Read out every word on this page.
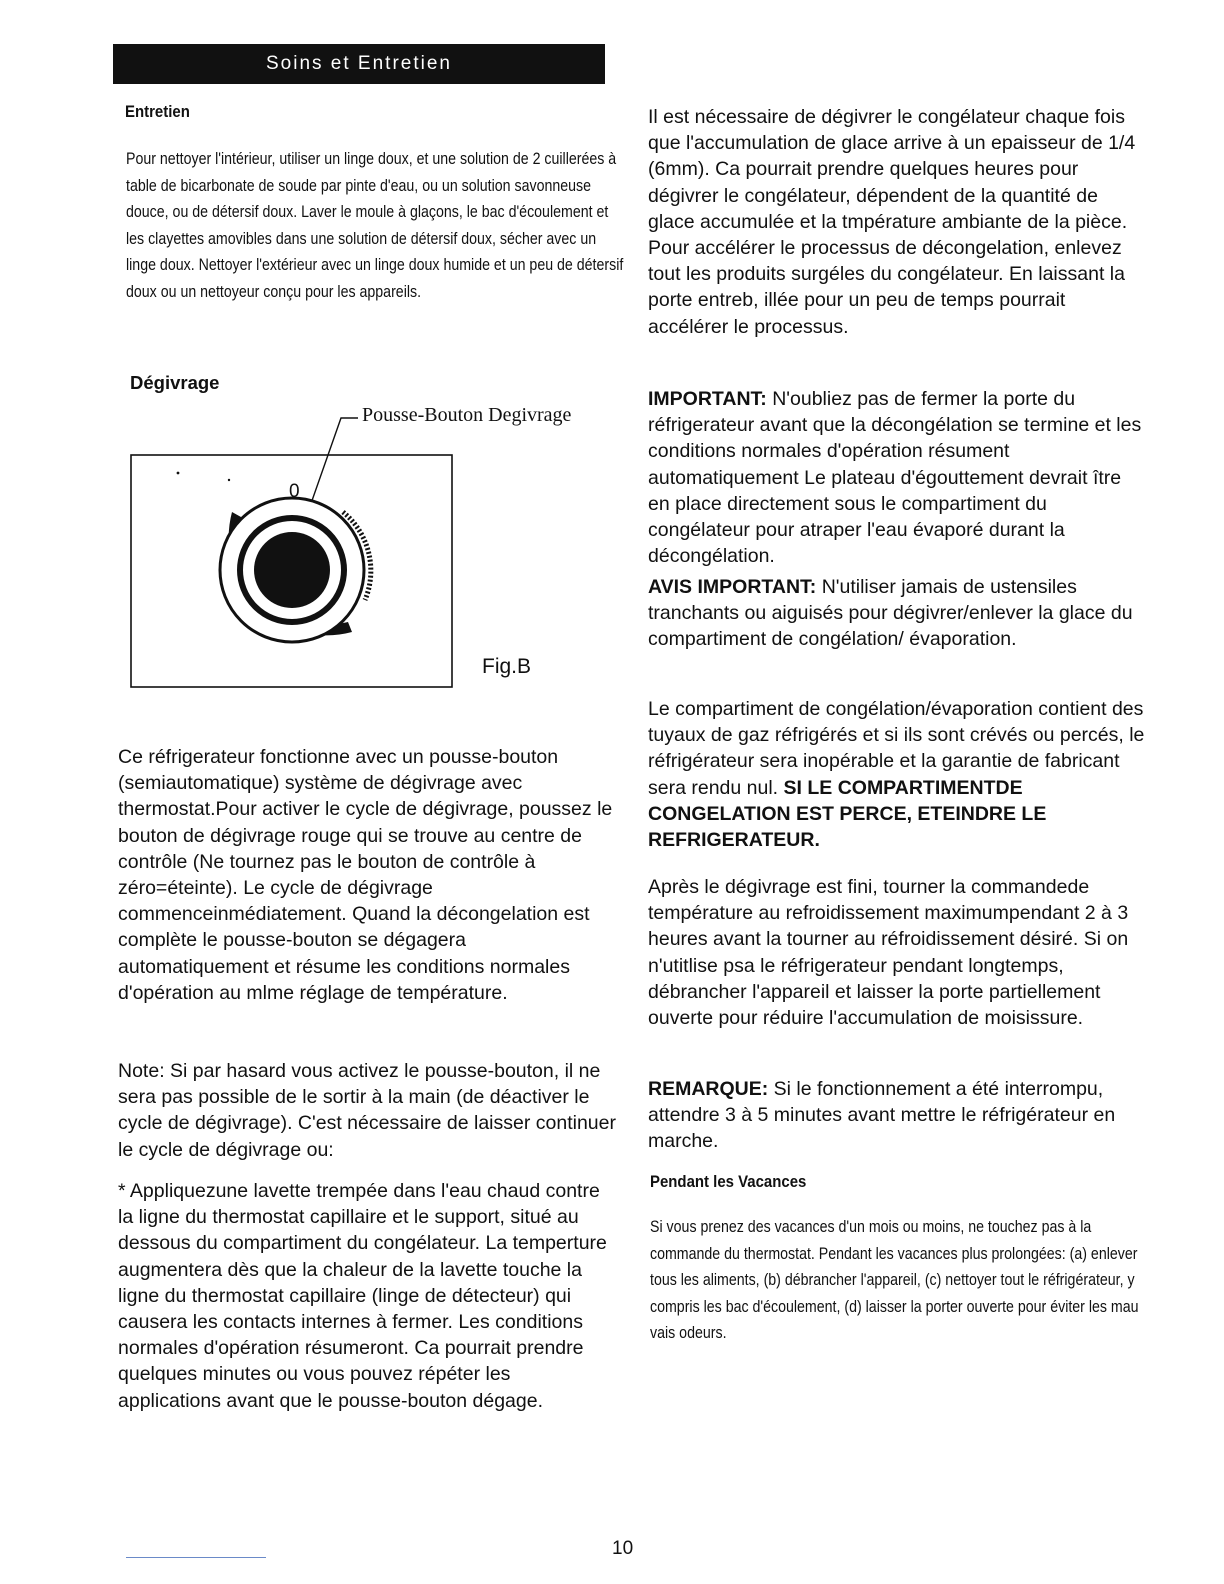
Soins et Entretien
Entretien

Pour nettoyer l'intérieur, utiliser un linge doux, et une solution de 2 cuillerées à table de bicarbonate de soude par pinte d'eau, ou un solution savonneuse douce, ou de détersif doux. Laver le moule à glaçons, le bac d'écoulement et les clayettes amovibles dans une solution de détersif doux, sécher avec un linge doux. Nettoyer l'extérieur avec un linge doux humide et un peu de détersif doux ou un nettoyeur conçu pour les appareils.

Dégivrage
Pousse-Bouton Degivrage
0
Fig.B

Ce réfrigerateur fonctionne avec un pousse-bouton (semiautomatique) système de dégivrage avec thermostat.Pour activer le cycle de dégivrage, poussez le bouton de dégivrage rouge qui se trouve au centre de contrôle (Ne tournez pas le bouton de contrôle à zéro=éteinte). Le cycle de dégivrage commenceinmédiatement. Quand la décongelation est complète le pousse-bouton se dégagera automatiquement et résume les conditions normales d'opération au mlme réglage de température.

Note: Si par hasard vous activez le pousse-bouton, il ne sera pas possible de le sortir à la main (de déactiver le cycle de dégivrage). C'est nécessaire de laisser continuer le cycle de dégivrage ou:

* Appliquezune lavette trempée dans l'eau chaud contre la ligne du thermostat capillaire et le support, situé au dessous du compartiment du congélateur. La temperture augmentera dès que la chaleur de la lavette touche la ligne du thermostat capillaire (linge de détecteur) qui causera les contacts internes à fermer. Les conditions normales d'opération résumeront. Ca pourrait prendre quelques minutes ou vous pouvez répéter les applications avant que le pousse-bouton dégage.

Il est nécessaire de dégivrer le congélateur chaque fois que l'accumulation de glace arrive à un epaisseur de 1/4 (6mm). Ca pourrait prendre quelques heures pour dégivrer le congélateur, dépendent de la quantité de glace accumulée et la tmpérature ambiante de la pièce. Pour accélérer le processus de décongelation, enlevez tout les produits surgéles du congélateur. En laissant la porte entreb, illée pour un peu de temps pourrait accélérer le processus.

IMPORTANT: N'oubliez pas de fermer la porte du réfrigerateur avant que la décongélation se termine et les conditions normales d'opération résument automatiquement Le plateau d'égouttement devrait ître en place directement sous le compartiment du congélateur pour atraper l'eau évaporé durant la décongélation.

AVIS IMPORTANT: N'utiliser jamais de ustensiles tranchants ou aiguisés pour dégivrer/enlever la glace du compartiment de congélation/ évaporation.

Le compartiment de congélation/évaporation contient des tuyaux de gaz réfrigérés et si ils sont crévés ou percés, le réfrigérateur sera inopérable et la garantie de fabricant sera rendu nul. SI LE COMPARTIMENTDE CONGELATION EST PERCE, ETEINDRE LE REFRIGERATEUR.

Après le dégivrage est fini, tourner la commandede température au refroidissement maximumpendant 2 à 3 heures avant la tourner au réfroidissement désiré. Si on n'utitlise psa le réfrigerateur pendant longtemps, débrancher l'appareil et laisser la porte partiellement ouverte pour réduire l'accumulation de moisissure.

REMARQUE: Si le fonctionnement a été interrompu, attendre 3 à 5 minutes avant mettre le réfrigérateur en marche.

Pendant les Vacances

Si vous prenez des vacances d'un mois ou moins, ne touchez pas à la commande du thermostat. Pendant les vacances plus prolongées: (a) enlever tous les aliments, (b) débrancher l'appareil, (c) nettoyer tout le réfrigérateur, y compris les bac d'écoulement, (d) laisser la porter ouverte pour éviter les mau vais odeurs.

10
